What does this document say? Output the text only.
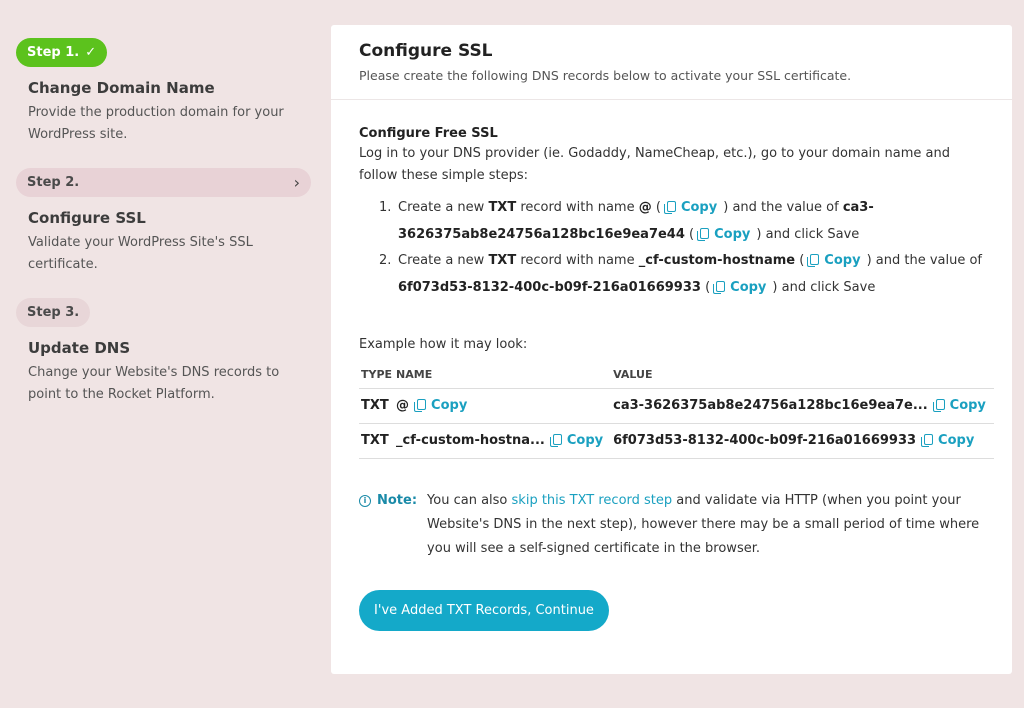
Step 1. ✓
Change Domain Name
Provide the production domain for your WordPress site.
Step 2.	›
Configure SSL
Validate your WordPress Site's SSL certificate.
Step 3.
Update DNS
Change your Website's DNS records to point to the Rocket Platform.
Configure SSL
Please create the following DNS records below to activate your SSL certificate.
Configure Free SSL
Log in to your DNS provider (ie. Godaddy, NameCheap, etc.), go to your domain name and follow these simple steps:
1. Create a new TXT record with name @ ( Copy ) and the value of ca3-3626375ab8e24756a128bc16e9ea7e44 ( Copy ) and click Save
2. Create a new TXT record with name _cf-custom-hostname ( Copy ) and the value of 6f073d53-8132-400c-b09f-216a01669933 ( Copy ) and click Save
Example how it may look:
TYPE	NAME	VALUE
TXT	@ Copy	ca3-3626375ab8e24756a128bc16e9ea7e... Copy
TXT	_cf-custom-hostna... Copy	6f073d53-8132-400c-b09f-216a01669933 Copy
i Note: You can also skip this TXT record step and validate via HTTP (when you point your Website's DNS in the next step), however there may be a small period of time where you will see a self-signed certificate in the browser.
I've Added TXT Records, Continue
